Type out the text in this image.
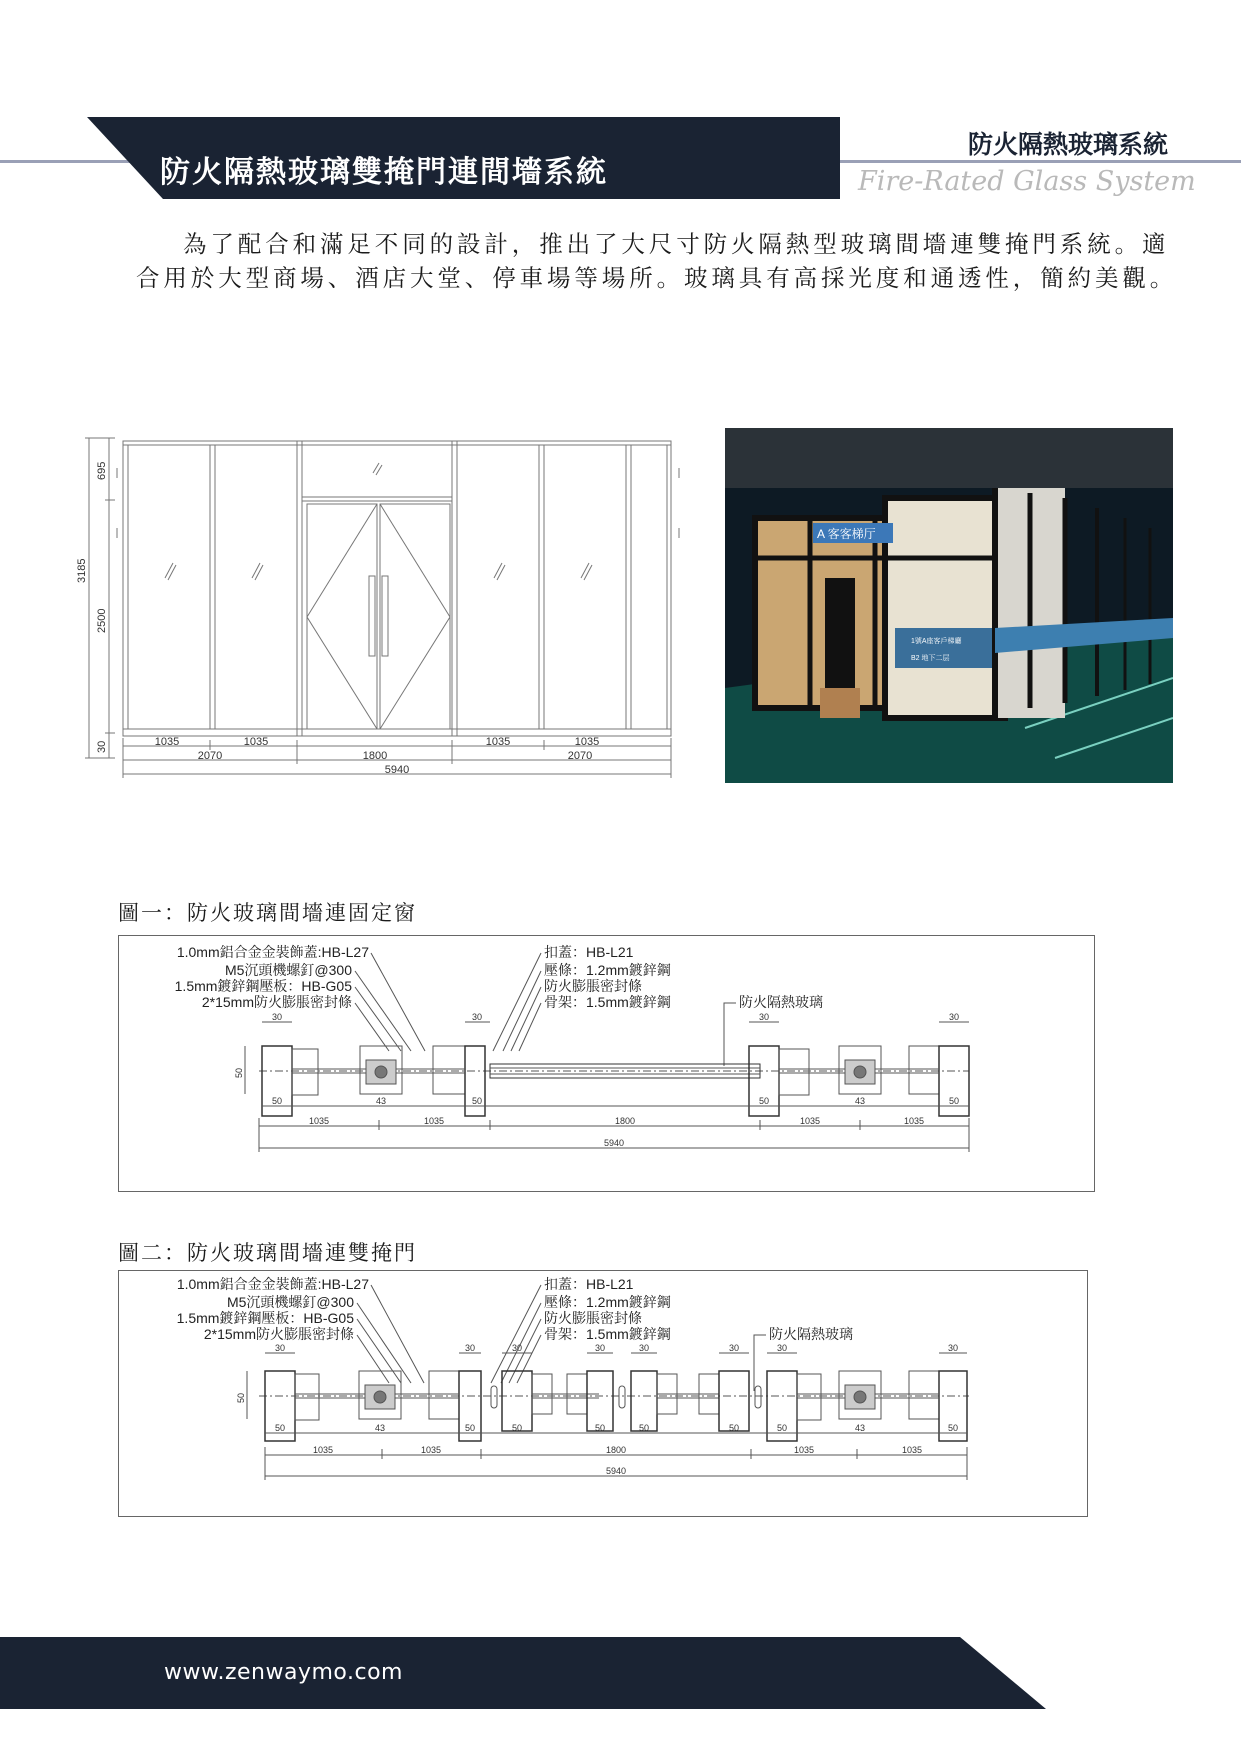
防火隔熱玻璃雙掩門連間墻系統
防火隔熱玻璃系統
Fire-Rated Glass System

為了配合和滿足不同的設計，推出了大尺寸防火隔熱型玻璃間墻連雙掩門系統。適合用於大型商場、酒店大堂、停車場等場所。玻璃具有高採光度和通透性，簡約美觀。

3185
695
2500
30	1035	1035	1035	1035
2070	1800	2070
5940
A 客客梯厅
1號A座客戶梯廳
B2 地下二层
圖一：防火玻璃間墻連固定窗
1.0mm鋁合金金裝飾蓋:HB-L27
M5沉頭機螺釘@300
1.5mm鍍鋅鋼壓板：HB-G05
2*15mm防火膨脹密封條
扣蓋：HB-L21
壓條：1.2mm鍍鋅鋼
防火膨脹密封條
骨架：1.5mm鍍鋅鋼	防火隔熱玻璃
30	30	30	30
50
50	43	50	50	43	50
1035	1035	1800	1035	1035
5940
圖二：防火玻璃間墻連雙掩門
1.0mm鋁合金金裝飾蓋:HB-L27
M5沉頭機螺釘@300
1.5mm鍍鋅鋼壓板：HB-G05
2*15mm防火膨脹密封條
扣蓋：HB-L21
壓條：1.2mm鍍鋅鋼
防火膨脹密封條
骨架：1.5mm鍍鋅鋼	防火隔熱玻璃
30	30	30	30	30	30	30	30
50
50	43	50	50	50	50	50	50	43	50
1035	1035	1800	1035	1035
5940
www.zenwaymo.com
